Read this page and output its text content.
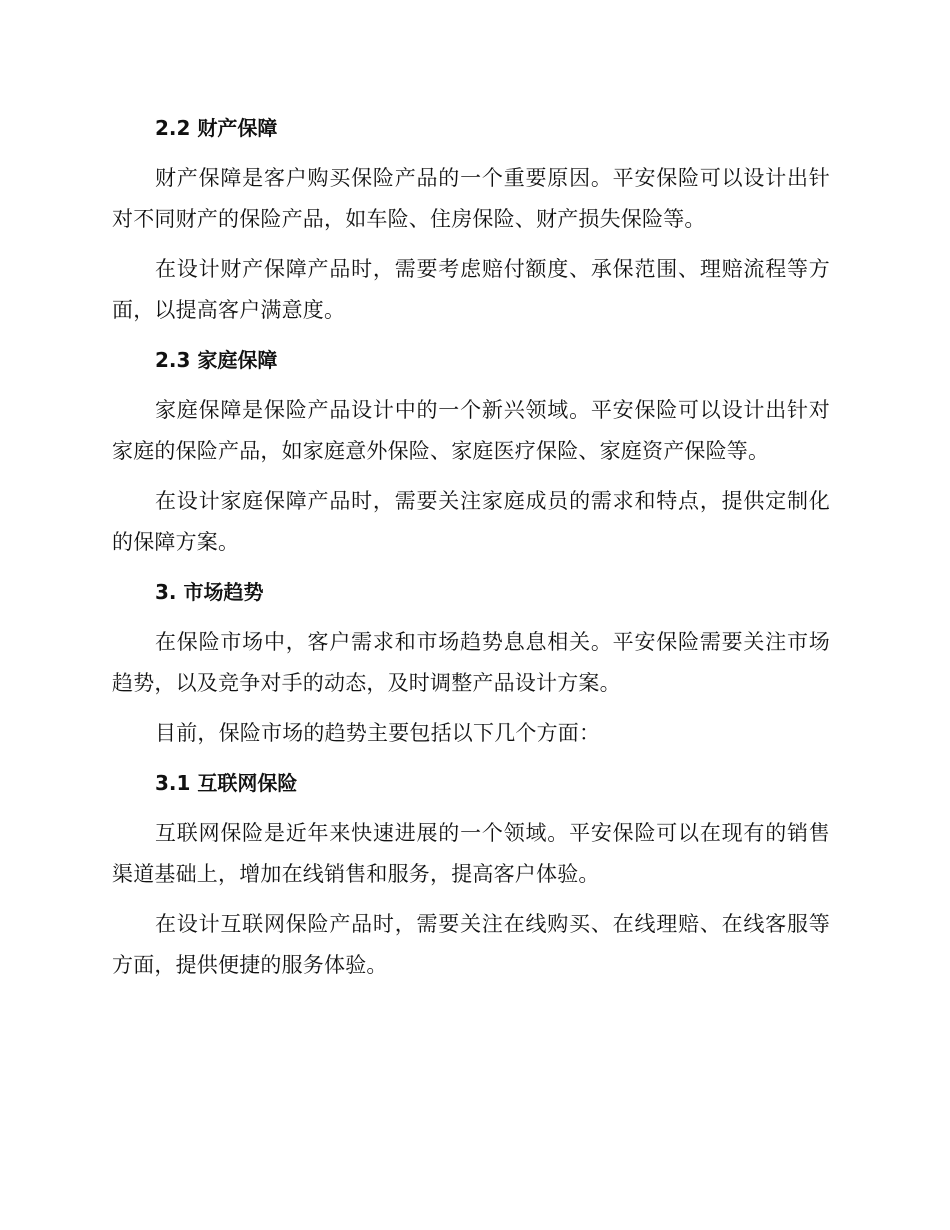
2.2 财产保障

财产保障是客户购买保险产品的一个重要原因。平安保险可以设计出针对不同财产的保险产品，如车险、住房保险、财产损失保险等。

在设计财产保障产品时，需要考虑赔付额度、承保范围、理赔流程等方面，以提高客户满意度。

2.3 家庭保障

家庭保障是保险产品设计中的一个新兴领域。平安保险可以设计出针对家庭的保险产品，如家庭意外保险、家庭医疗保险、家庭资产保险等。

在设计家庭保障产品时，需要关注家庭成员的需求和特点，提供定制化的保障方案。

3. 市场趋势

在保险市场中，客户需求和市场趋势息息相关。平安保险需要关注市场趋势，以及竞争对手的动态，及时调整产品设计方案。

目前，保险市场的趋势主要包括以下几个方面：

3.1 互联网保险

互联网保险是近年来快速进展的一个领域。平安保险可以在现有的销售渠道基础上，增加在线销售和服务，提高客户体验。

在设计互联网保险产品时，需要关注在线购买、在线理赔、在线客服等方面，提供便捷的服务体验。
